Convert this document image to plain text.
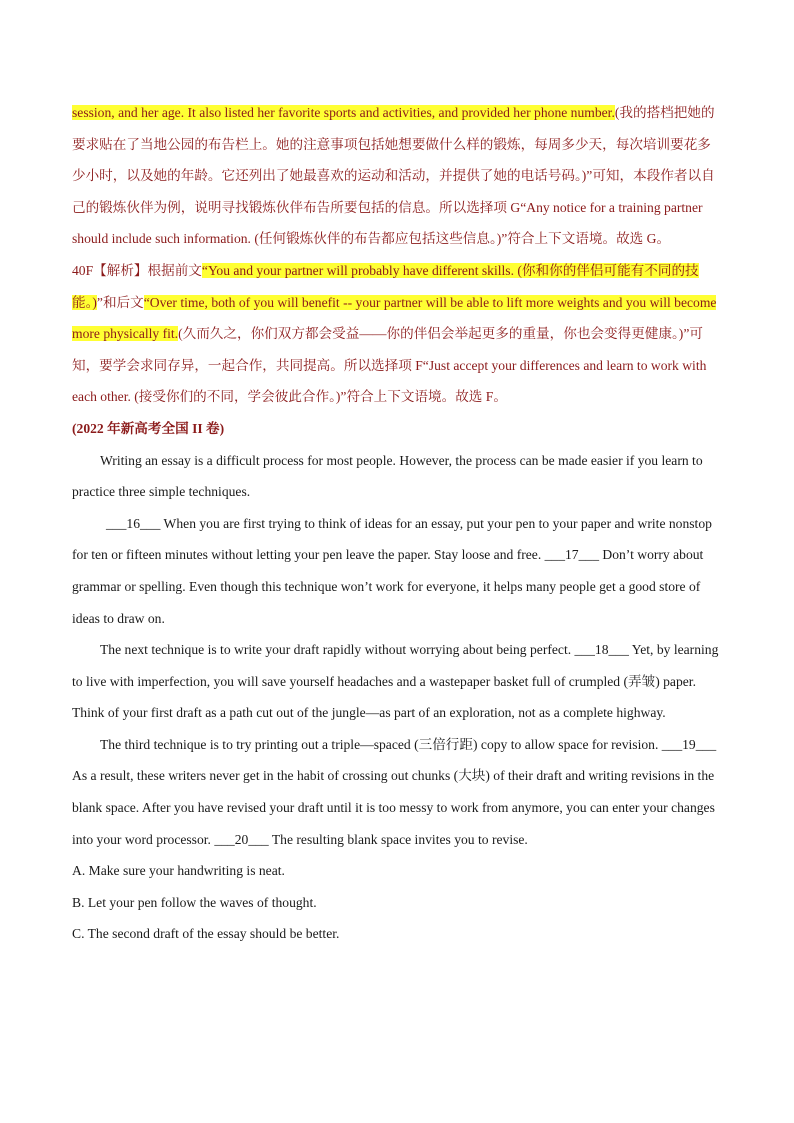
session, and her age. It also listed her favorite sports and activities, and provided her phone number.(我的搭档把她的要求贴在了当地公园的布告栏上。她的注意事项包括她想要做什么样的锻炼，每周多少天，每次培训要花多少小时，以及她的年龄。它还列出了她最喜欢的运动和活动，并提供了她的电话号码。)”可知，本段作者以自己的锻炼伙伴为例，说明寻找锻炼伙伴布告所要包括的信息。所以选择项 G“Any notice for a training partner should include such information. (任何锻炼伙伴的布告都应包括这些信息。)”符合上下文语境。故选 G。

40F【解析】根据前文“You and your partner will probably have different skills. (你和你的伴侣可能有不同的技能。)”和后文“Over time, both of you will benefit -- your partner will be able to lift more weights and you will become more physically fit.(久而久之，你们双方都会受益——你的伴侣会举起更多的重量，你也会变得更健康。)”可知，要学会求同存异，一起合作，共同提高。所以选择项 F“Just accept your differences and learn to work with each other. (接受你们的不同，学会彼此合作。)”符合上下文语境。故选 F。

(2022 年新高考全国 II 卷)

Writing an essay is a difficult process for most people. However, the process can be made easier if you learn to practice three simple techniques.

___16___ When you are first trying to think of ideas for an essay, put your pen to your paper and write nonstop for ten or fifteen minutes without letting your pen leave the paper. Stay loose and free. ___17___ Don’t worry about grammar or spelling. Even though this technique won’t work for everyone, it helps many people get a good store of ideas to draw on.

The next technique is to write your draft rapidly without worrying about being perfect. ___18___ Yet, by learning to live with imperfection, you will save yourself headaches and a wastepaper basket full of crumpled (弄皱) paper. Think of your first draft as a path cut out of the jungle—as part of an exploration, not as a complete highway.

The third technique is to try printing out a triple—spaced (三倍行距) copy to allow space for revision. ___19___ As a result, these writers never get in the habit of crossing out chunks (大块) of their draft and writing revisions in the blank space. After you have revised your draft until it is too messy to work from anymore, you can enter your changes into your word processor. ___20___ The resulting blank space invites you to revise.

A. Make sure your handwriting is neat.

B. Let your pen follow the waves of thought.

C. The second draft of the essay should be better.
